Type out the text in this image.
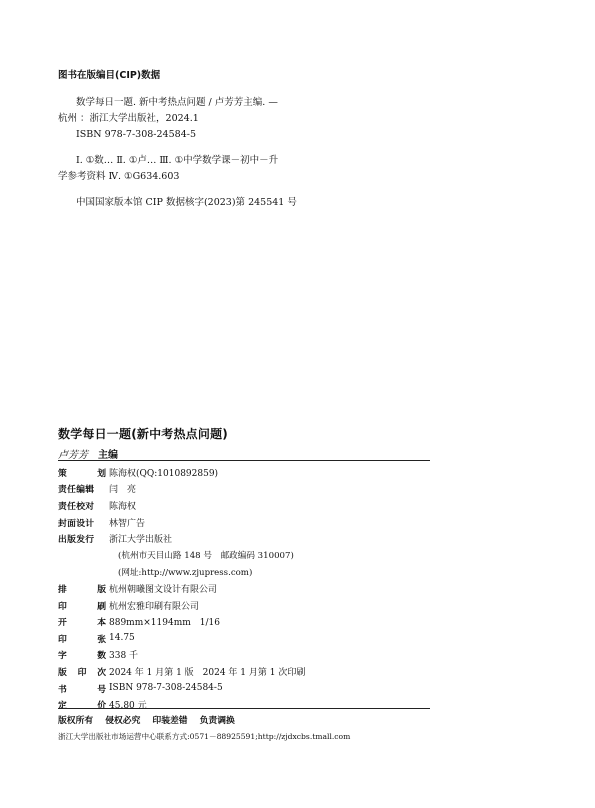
图书在版编目(CIP)数据
数学每日一题. 新中考热点问题 / 卢芳芳主编. —
杭州 ：浙江大学出版社，2024.1
ISBN 978-7-308-24584-5
Ⅰ. ①数… Ⅱ. ①卢… Ⅲ. ①中学数学课－初中－升
学参考资料 Ⅳ. ①G634.603
中国国家版本馆 CIP 数据核字(2023)第 245541 号
数学每日一题(新中考热点问题)
卢芳芳 主编
策	划 陈海权(QQ:1010892859)
责任编辑	闫　亮
责任校对	陈海权
封面设计	林智广告
出版发行	浙江大学出版社
(杭州市天目山路 148 号　邮政编码 310007)
(网址:http://www.zjupress.com)
排	版 杭州朝曦图文设计有限公司
印	刷 杭州宏雅印刷有限公司
开	本 889mm×1194mm　1/16
印	张 14.75
字	数 338 千
版 印 次 2024 年 1 月第 1 版　2024 年 1 月第 1 次印刷
书	号 ISBN 978-7-308-24584-5
定	价 45.80 元
版权所有 侵权必究 印装差错 负责调换
浙江大学出版社市场运营中心联系方式:0571－88925591;http://zjdxcbs.tmall.com
